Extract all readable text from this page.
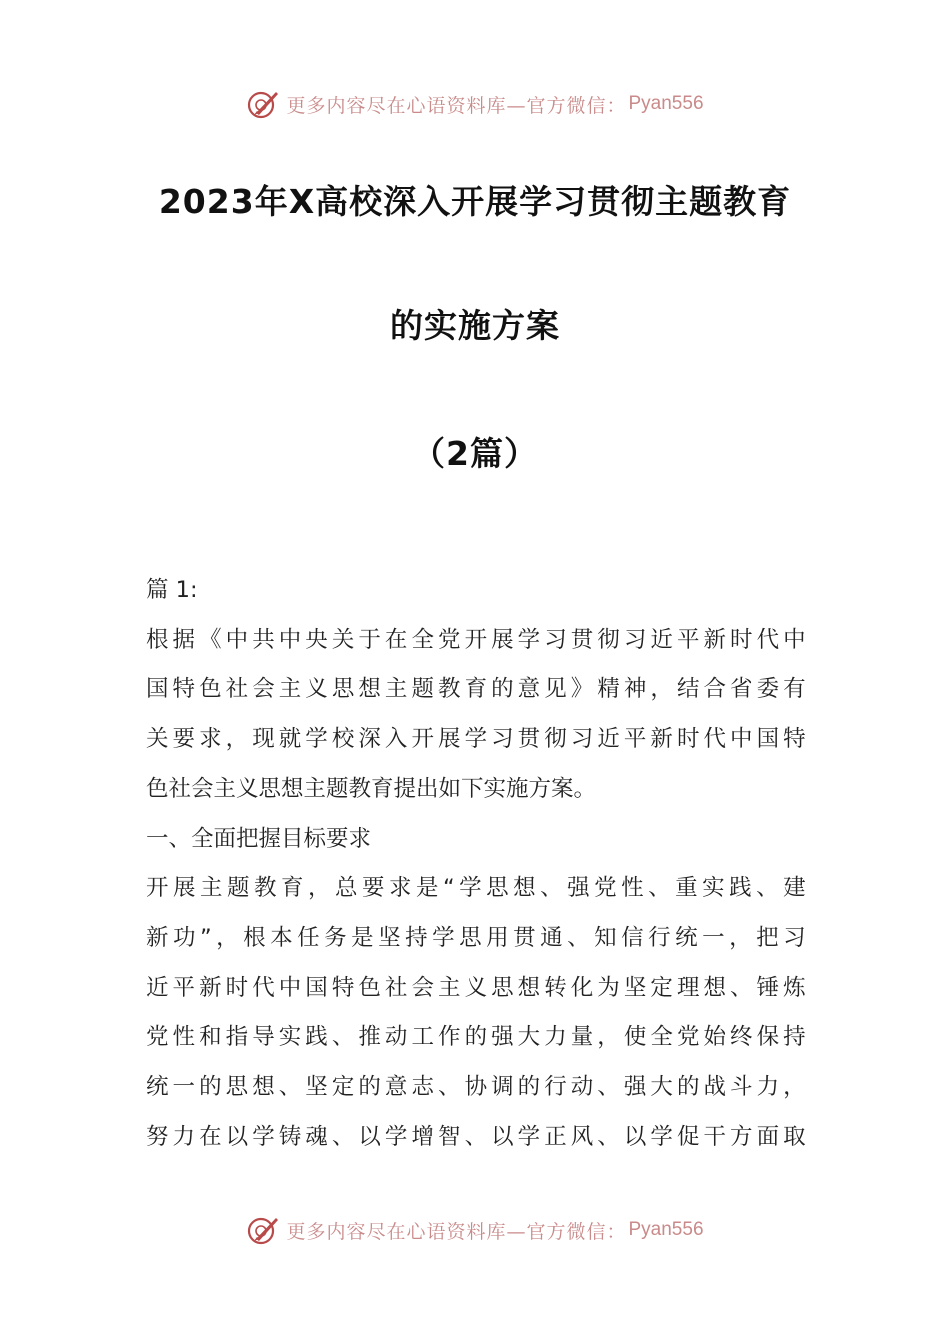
更多内容尽在心语资料库—官方微信： Pyan556
2023年X高校深入开展学习贯彻主题教育
的实施方案
（2篇）
篇 1:
根 据 《 中 共 中 央 关 于 在 全 党 开 展 学 习 贯 彻 习 近 平 新 时 代 中
国 特 色 社 会 主 义 思 想 主 题 教 育 的 意 见 》 精 神 ， 结 合 省 委 有
关 要 求 ， 现 就 学 校 深 入 开 展 学 习 贯 彻 习 近 平 新 时 代 中 国 特
色社会主义思想主题教育提出如下实施方案。
一、全面把握目标要求
开 展 主 题 教 育 ， 总 要 求 是 “ 学 思 想 、 强 党 性 、 重 实 践 、 建
新 功 ” ， 根 本 任 务 是 坚 持 学 思 用 贯 通 、 知 信 行 统 一 ， 把 习
近 平 新 时 代 中 国 特 色 社 会 主 义 思 想 转 化 为 坚 定 理 想 、 锤 炼
党 性 和 指 导 实 践 、 推 动 工 作 的 强 大 力 量 ， 使 全 党 始 终 保 持
统 一 的 思 想 、 坚 定 的 意 志 、 协 调 的 行 动 、 强 大 的 战 斗 力 ，
努 力 在 以 学 铸 魂 、 以 学 增 智 、 以 学 正 风 、 以 学 促 干 方 面 取
更多内容尽在心语资料库—官方微信： Pyan556
